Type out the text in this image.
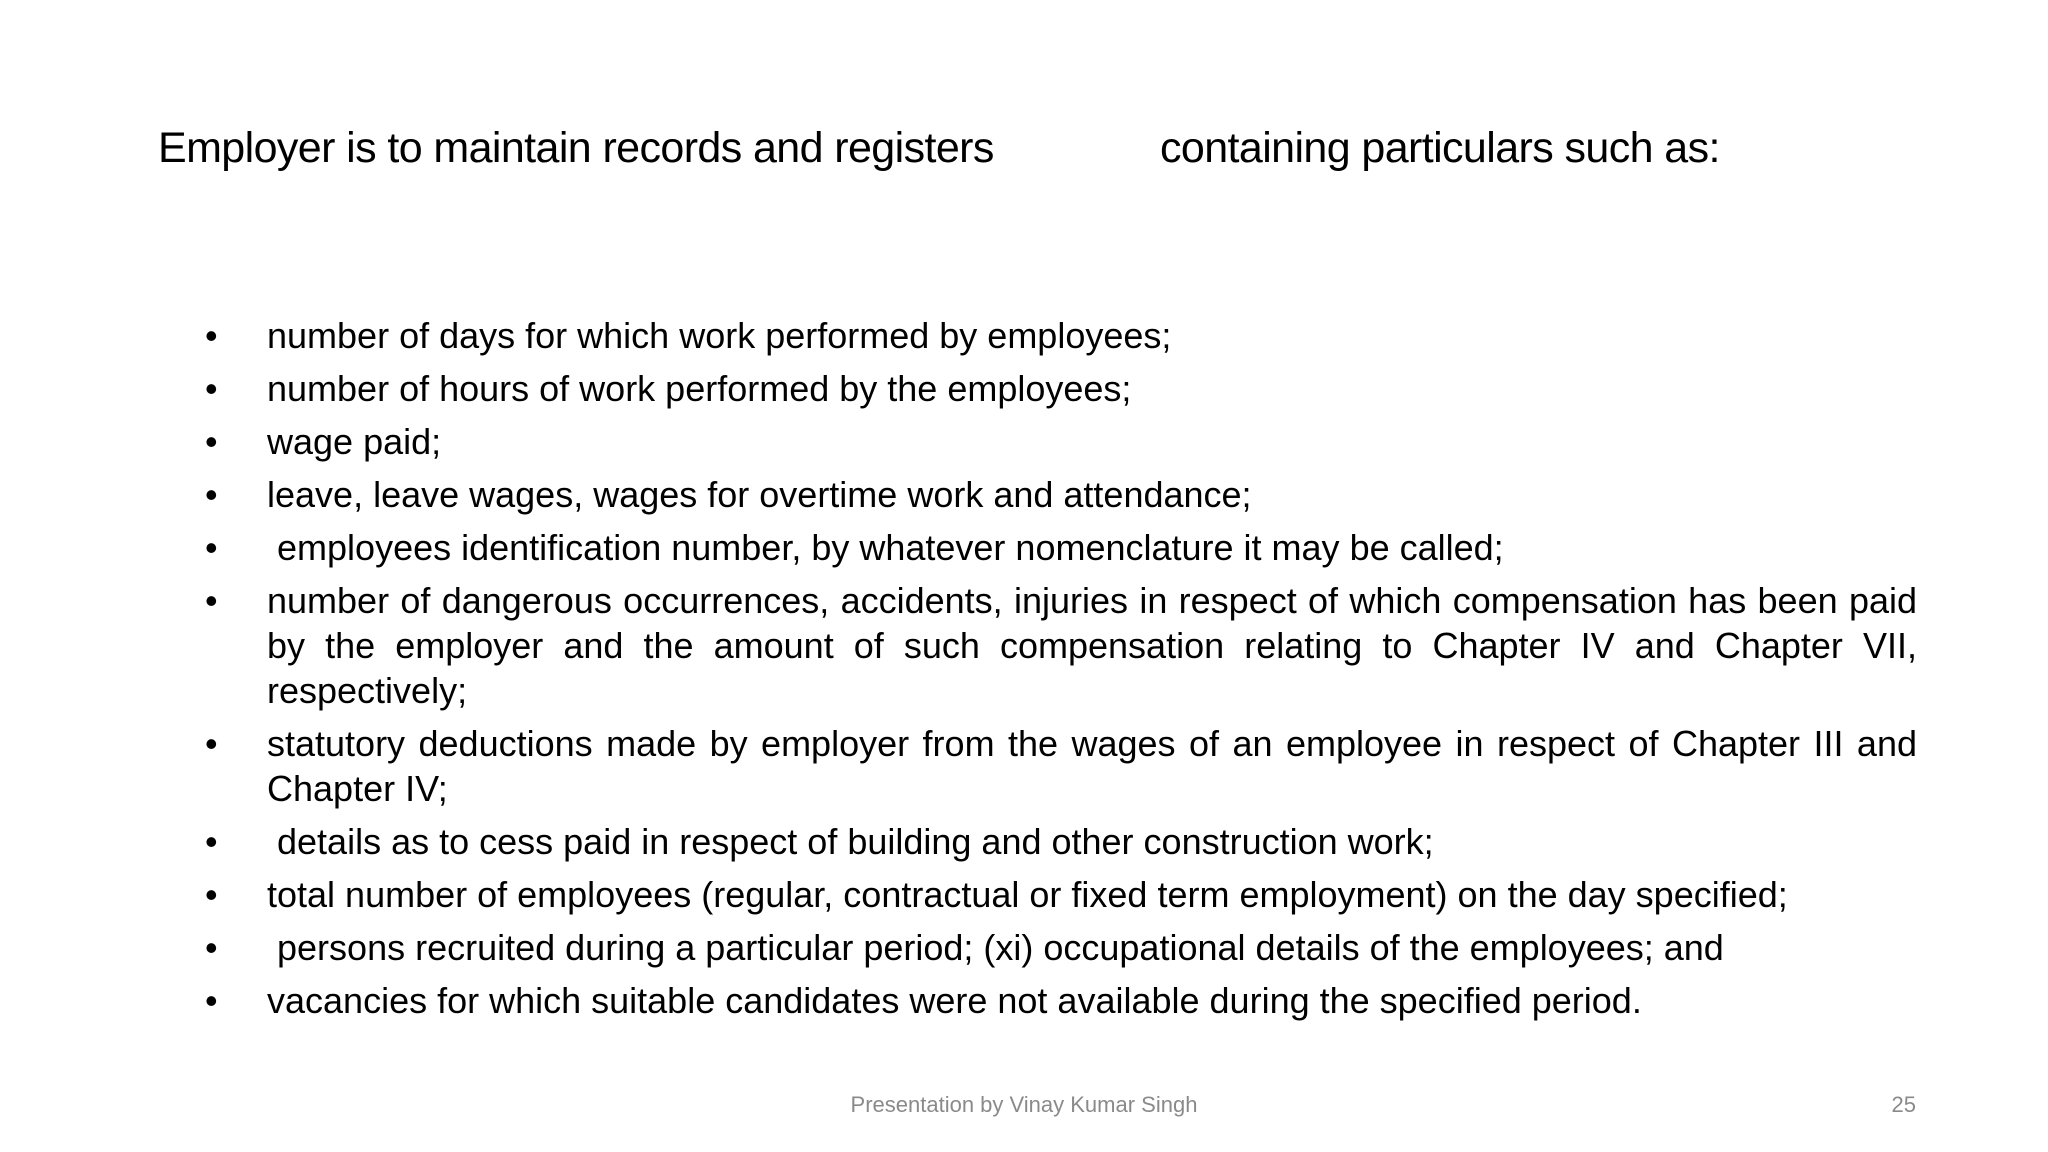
Employer is to maintain records and registers	containing particulars such as:
• number of days for which work performed by employees;
• number of hours of work performed by the employees;
• wage paid;
• leave, leave wages, wages for overtime work and attendance;
• employees identification number, by whatever nomenclature it may be called;
• number of dangerous occurrences, accidents, injuries in respect of which compensation has been paid by the employer and the amount of such compensation relating to Chapter IV and Chapter VII, respectively;
• statutory deductions made by employer from the wages of an employee in respect of Chapter III and Chapter IV;
• details as to cess paid in respect of building and other construction work;
• total number of employees (regular, contractual or fixed term employment) on the day specified;
• persons recruited during a particular period; (xi) occupational details of the employees; and
• vacancies for which suitable candidates were not available during the specified period.
Presentation by Vinay Kumar Singh	25
